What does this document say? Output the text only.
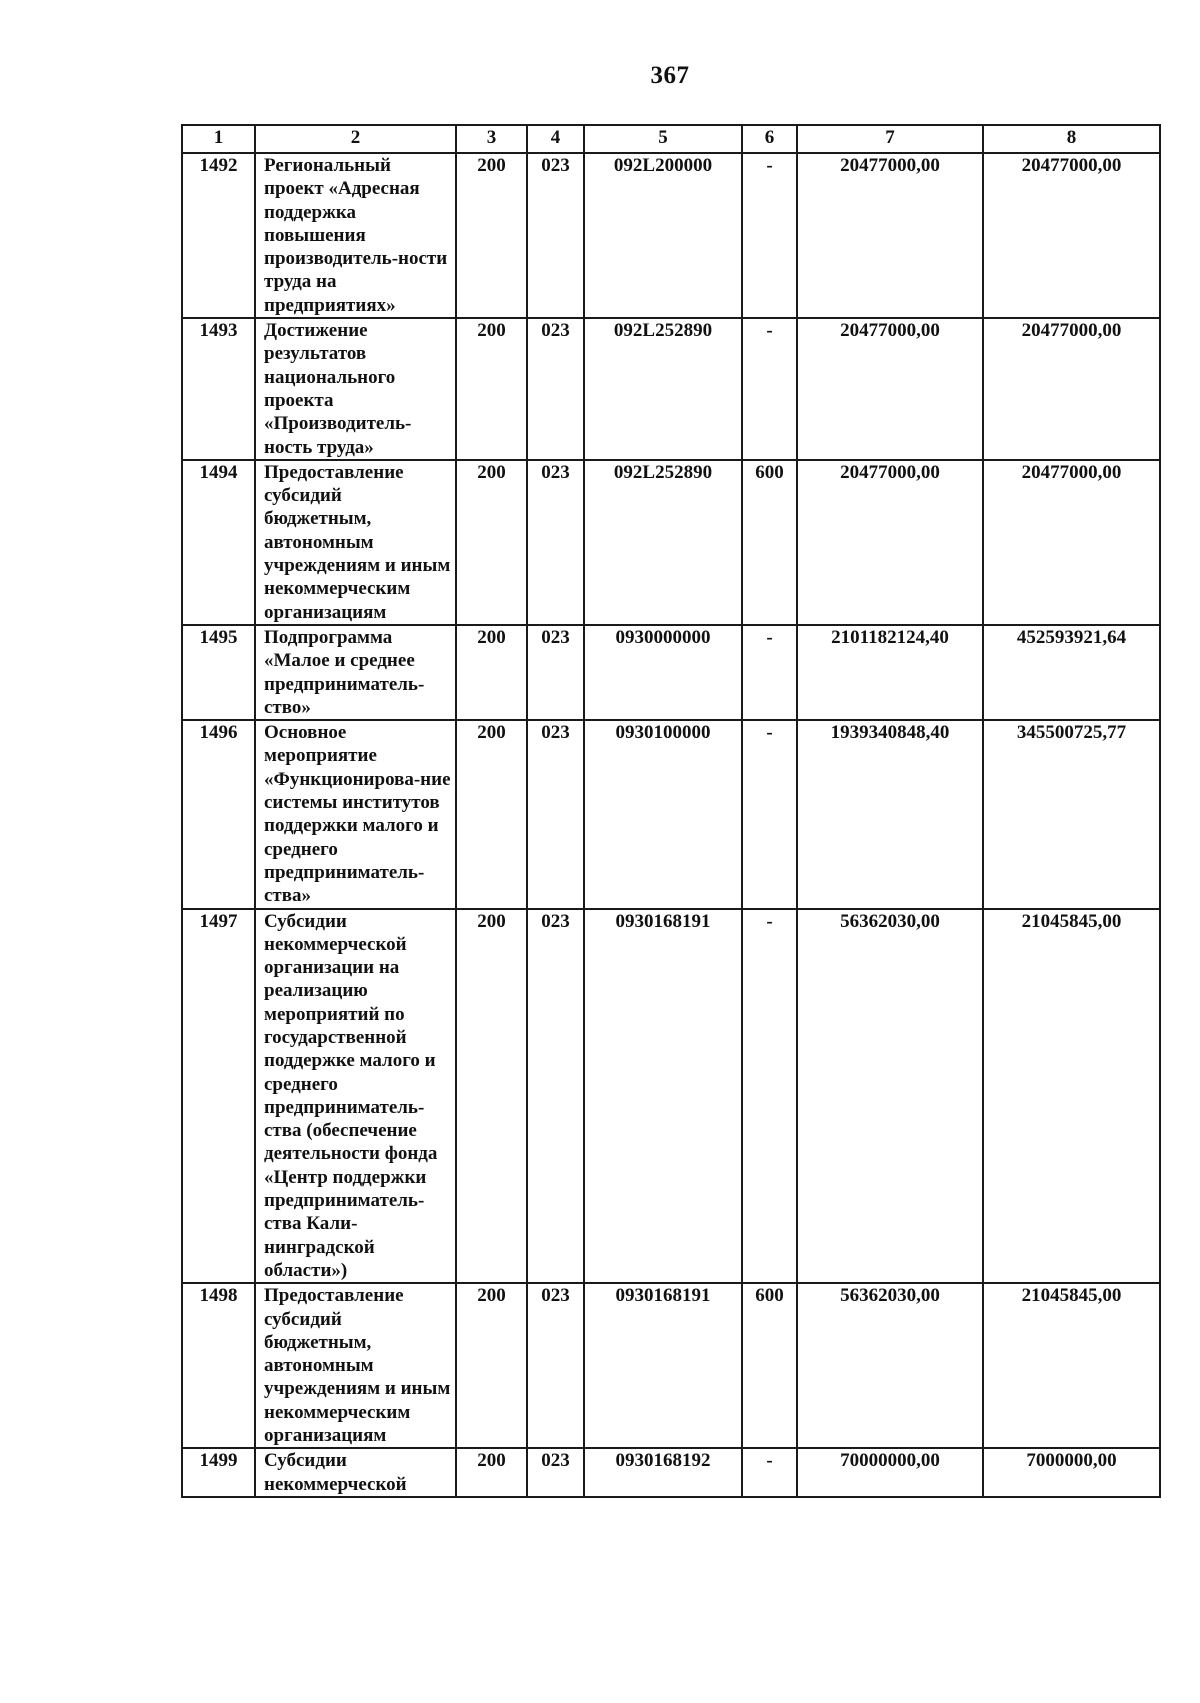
367
1	2	3	4	5	6	7	8
1492	Региональный проект «Адресная поддержка повышения производитель-ности труда на предприятиях»	200	023	092L200000	-	20477000,00	20477000,00
1493	Достижение результатов национального проекта «Производитель-ность труда»	200	023	092L252890	-	20477000,00	20477000,00
1494	Предоставление субсидий бюджетным, автономным учреждениям и иным некоммерческим организациям	200	023	092L252890	600	20477000,00	20477000,00
1495	Подпрограмма «Малое и среднее предприниматель-ство»	200	023	0930000000	-	2101182124,40	452593921,64
1496	Основное мероприятие «Функционирова-ние системы институтов поддержки малого и среднего предприниматель-ства»	200	023	0930100000	-	1939340848,40	345500725,77
1497	Субсидии некоммерческой организации на реализацию мероприятий по государственной поддержке малого и среднего предприниматель-ства (обеспечение деятельности фонда «Центр поддержки предприниматель-ства Кали-нинградской области»)	200	023	0930168191	-	56362030,00	21045845,00
1498	Предоставление субсидий бюджетным, автономным учреждениям и иным некоммерческим организациям	200	023	0930168191	600	56362030,00	21045845,00
1499	Субсидии некоммерческой	200	023	0930168192	-	70000000,00	7000000,00
